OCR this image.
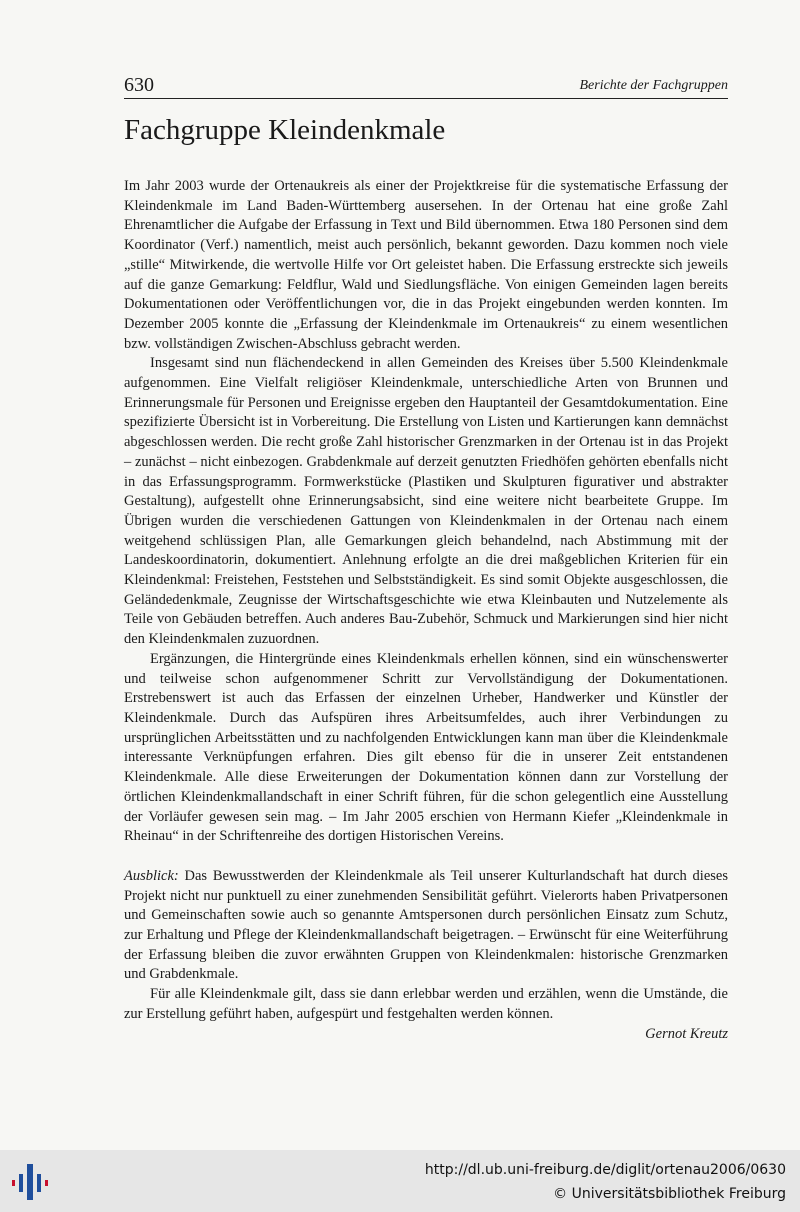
630	Berichte der Fachgruppen
Fachgruppe Kleindenkmale

Im Jahr 2003 wurde der Ortenaukreis als einer der Projektkreise für die systematische Erfassung der Kleindenkmale im Land Baden-Württemberg ausersehen. In der Ortenau hat eine große Zahl Ehrenamtlicher die Aufgabe der Erfassung in Text und Bild übernommen. Etwa 180 Personen sind dem Koordinator (Verf.) namentlich, meist auch persönlich, bekannt geworden. Dazu kommen noch viele „stille“ Mitwirkende, die wertvolle Hilfe vor Ort geleistet haben. Die Erfassung erstreckte sich jeweils auf die ganze Gemarkung: Feldflur, Wald und Siedlungsfläche. Von einigen Gemeinden lagen bereits Dokumentationen oder Veröffentlichungen vor, die in das Projekt eingebunden werden konnten. Im Dezember 2005 konnte die „Erfassung der Kleindenkmale im Ortenaukreis“ zu einem wesentlichen bzw. vollständigen Zwischen-Abschluss gebracht werden.

Insgesamt sind nun flächendeckend in allen Gemeinden des Kreises über 5.500 Kleindenkmale aufgenommen. Eine Vielfalt religiöser Kleindenkmale, unterschiedliche Arten von Brunnen und Erinnerungsmale für Personen und Ereignisse ergeben den Hauptanteil der Gesamtdokumentation. Eine spezifizierte Übersicht ist in Vorbereitung. Die Erstellung von Listen und Kartierungen kann demnächst abgeschlossen werden. Die recht große Zahl historischer Grenzmarken in der Ortenau ist in das Projekt – zunächst – nicht einbezogen. Grabdenkmale auf derzeit genutzten Friedhöfen gehörten ebenfalls nicht in das Erfassungsprogramm. Formwerkstücke (Plastiken und Skulpturen figurativer und abstrakter Gestaltung), aufgestellt ohne Erinnerungsabsicht, sind eine weitere nicht bearbeitete Gruppe. Im Übrigen wurden die verschiedenen Gattungen von Kleindenkmalen in der Ortenau nach einem weitgehend schlüssigen Plan, alle Gemarkungen gleich behandelnd, nach Abstimmung mit der Landeskoordinatorin, dokumentiert. Anlehnung erfolgte an die drei maßgeblichen Kriterien für ein Kleindenkmal: Freistehen, Feststehen und Selbstständigkeit. Es sind somit Objekte ausgeschlossen, die Geländedenkmale, Zeugnisse der Wirtschaftsgeschichte wie etwa Kleinbauten und Nutzelemente als Teile von Gebäuden betreffen. Auch anderes Bau-Zubehör, Schmuck und Markierungen sind hier nicht den Kleindenkmalen zuzuordnen.

Ergänzungen, die Hintergründe eines Kleindenkmals erhellen können, sind ein wünschenswerter und teilweise schon aufgenommener Schritt zur Vervollständigung der Dokumentationen. Erstrebenswert ist auch das Erfassen der einzelnen Urheber, Handwerker und Künstler der Kleindenkmale. Durch das Aufspüren ihres Arbeitsumfeldes, auch ihrer Verbindungen zu ursprünglichen Arbeitsstätten und zu nachfolgenden Entwicklungen kann man über die Kleindenkmale interessante Verknüpfungen erfahren. Dies gilt ebenso für die in unserer Zeit entstandenen Kleindenkmale. Alle diese Erweiterungen der Dokumentation können dann zur Vorstellung der örtlichen Kleindenkmallandschaft in einer Schrift führen, für die schon gelegentlich eine Ausstellung der Vorläufer gewesen sein mag. – Im Jahr 2005 erschien von Hermann Kiefer „Kleindenkmale in Rheinau“ in der Schriftenreihe des dortigen Historischen Vereins.

Ausblick: Das Bewusstwerden der Kleindenkmale als Teil unserer Kulturlandschaft hat durch dieses Projekt nicht nur punktuell zu einer zunehmenden Sensibilität geführt. Vielerorts haben Privatpersonen und Gemeinschaften sowie auch so genannte Amtspersonen durch persönlichen Einsatz zum Schutz, zur Erhaltung und Pflege der Kleindenkmallandschaft beigetragen. – Erwünscht für eine Weiterführung der Erfassung bleiben die zuvor erwähnten Gruppen von Kleindenkmalen: historische Grenzmarken und Grabdenkmale.

Für alle Kleindenkmale gilt, dass sie dann erlebbar werden und erzählen, wenn die Umstände, die zur Erstellung geführt haben, aufgespürt und festgehalten werden können.

Gernot Kreutz
http://dl.ub.uni-freiburg.de/diglit/ortenau2006/0630
© Universitätsbibliothek Freiburg
